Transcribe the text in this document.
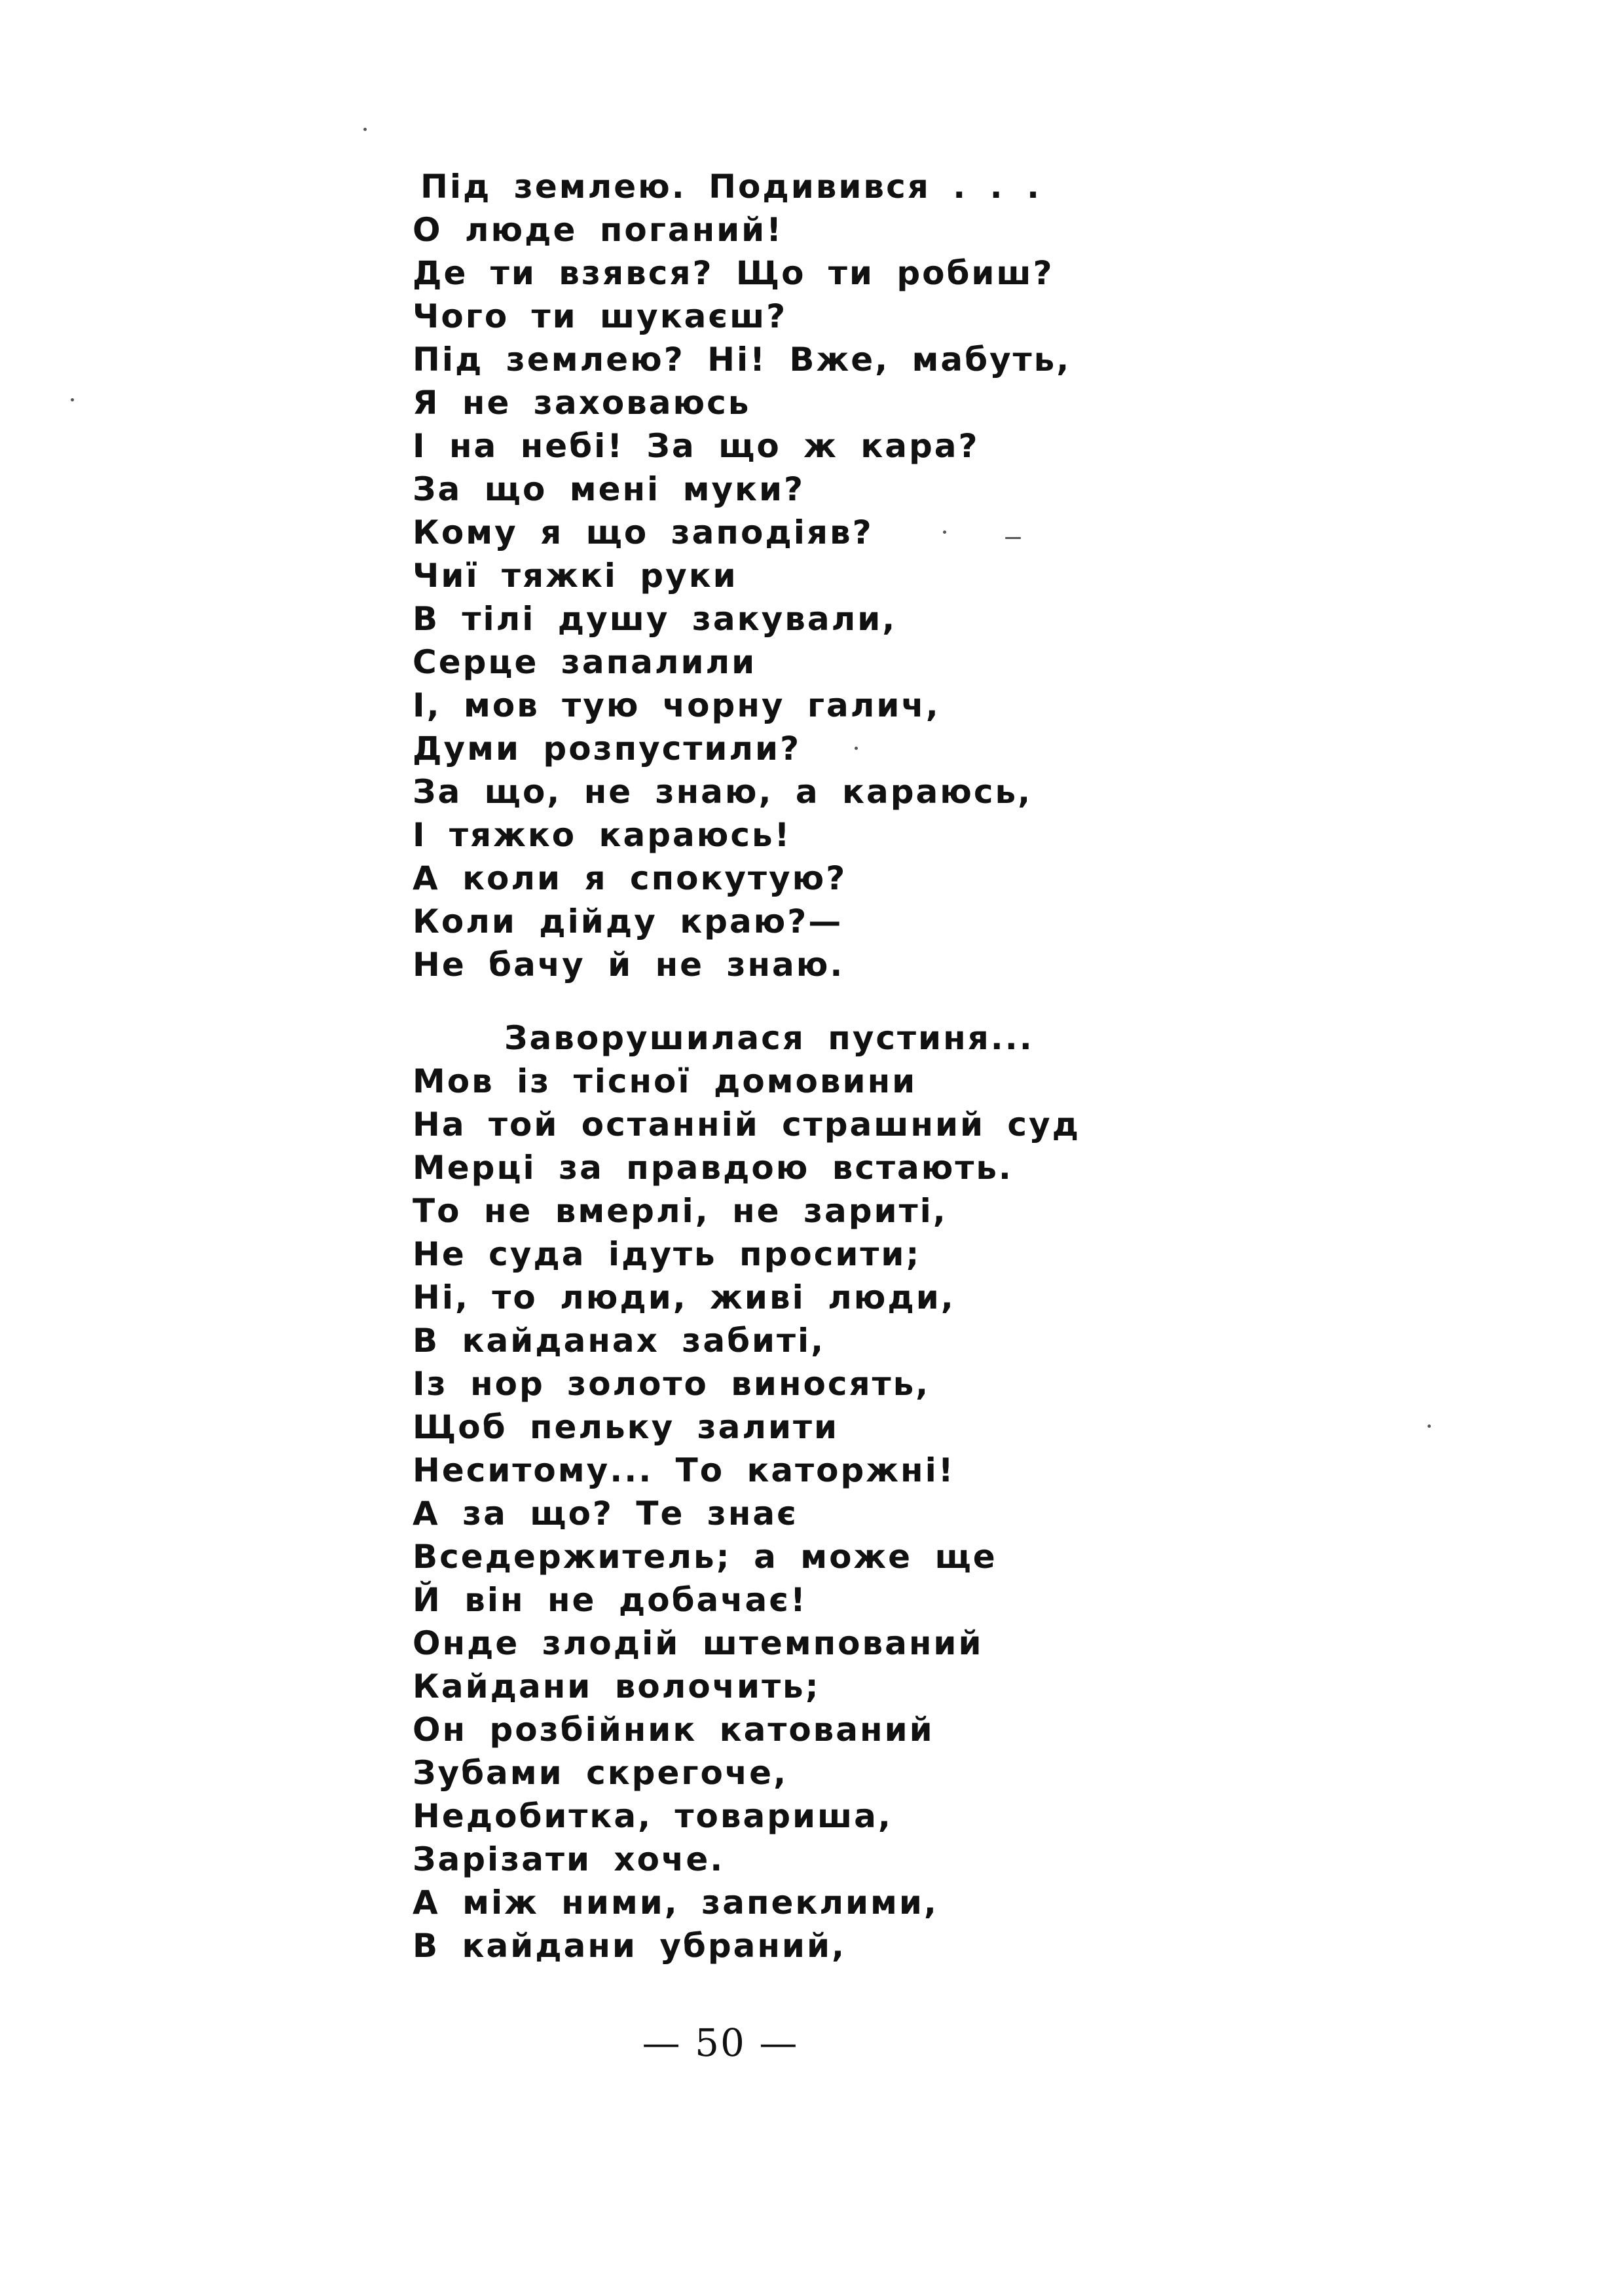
Під землею. Подивився . . .
О люде поганий!
Де ти взявся? Що ти робиш?
Чого ти шукаєш?
Під землею? Ні! Вже, мабуть,
Я не заховаюсь
І на небі! За що ж кара?
За що мені муки?
Кому я що заподіяв?
Чиї тяжкі руки
В тілі душу закували,
Серце запалили
І, мов тую чорну галич,
Думи розпустили?
За що, не знаю, а караюсь,
І тяжко караюсь!
А коли я спокутую?
Коли дійду краю?—
Не бачу й не знаю.
Заворушилася пустиня...
Мов із тісної домовини
На той останній страшний суд
Мерці за правдою встають.
То не вмерлі, не зариті,
Не суда ідуть просити;
Ні, то люди, живі люди,
В кайданах забиті,
Із нор золото виносять,
Щоб пельку залити
Неситому... То каторжні!
А за що? Те знає
Вседержитель; а може ще
Й він не добачає!
Онде злодій штемпований
Кайдани волочить;
Он розбійник катований
Зубами скрегоче,
Недобитка, товариша,
Зарізати хоче.
А між ними, запеклими,
В кайдани убраний,
— 50 —
